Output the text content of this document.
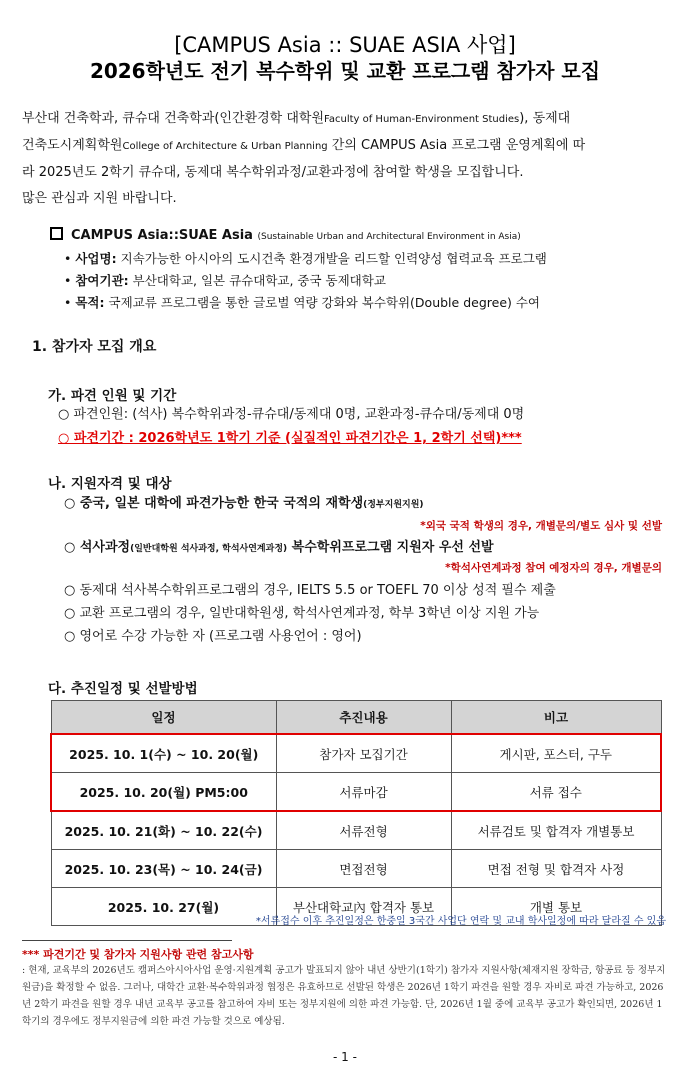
[CAMPUS Asia :: SUAE ASIA 사업]
2026학년도 전기 복수학위 및 교환 프로그램 참가자 모집
부산대 건축학과, 큐슈대 건축학과(인간환경학 대학원Faculty of Human-Environment Studies), 동제대
건축도시계획학원College of Architecture & Urban Planning 간의 CAMPUS Asia 프로그램 운영계획에 따
라 2025년도 2학기 큐슈대, 동제대 복수학위과정/교환과정에 참여할 학생을 모집합니다.
많은 관심과 지원 바랍니다.
CAMPUS Asia::SUAE Asia (Sustainable Urban and Architectural Environment in Asia)
• 사업명: 지속가능한 아시아의 도시건축 환경개발을 리드할 인력양성 협력교육 프로그램
• 참여기관: 부산대학교, 일본 큐슈대학교, 중국 동제대학교
• 목적: 국제교류 프로그램을 통한 글로벌 역량 강화와 복수학위(Double degree) 수여
1. 참가자 모집 개요
가. 파견 인원 및 기간
○ 파견인원: (석사) 복수학위과정-큐슈대/동제대 0명, 교환과정-큐슈대/동제대 0명
○ 파견기간 : 2026학년도 1학기 기준 (실질적인 파견기간은 1, 2학기 선택)***
나. 지원자격 및 대상
○ 중국, 일본 대학에 파견가능한 한국 국적의 재학생(정부지원지원)
*외국 국적 학생의 경우, 개별문의/별도 심사 및 선발
○ 석사과정(일반대학원 석사과정, 학석사연계과정) 복수학위프로그램 지원자 우선 선발
*학석사연계과정 참여 예정자의 경우, 개별문의
○ 동제대 석사복수학위프로그램의 경우, IELTS 5.5 or TOEFL 70 이상 성적 필수 제출
○ 교환 프로그램의 경우, 일반대학원생, 학석사연계과정, 학부 3학년 이상 지원 가능
○ 영어로 수강 가능한 자 (프로그램 사용언어 : 영어)
다. 추진일정 및 선발방법
일정	추진내용	비고
2025. 10. 1(수) ~ 10. 20(월)	참가자 모집기간	게시판, 포스터, 구두
2025. 10. 20(월) PM5:00	서류마감	서류 접수
2025. 10. 21(화) ~ 10. 22(수)	서류전형	서류검토 및 합격자 개별통보
2025. 10. 23(목) ~ 10. 24(금)	면접전형	면접 전형 및 합격자 사정
2025. 10. 27(월)	부산대학교內 합격자 통보	개별 통보
*서류접수 이후 추진일정은 한중일 3국간 사업단 연락 및 교내 학사일정에 따라 달라질 수 있음
*** 파견기간 및 참가자 지원사항 관련 참고사항
: 현재, 교육부의 2026년도 캠퍼스아시아사업 운영·지원계획 공고가 발표되지 않아 내년 상반기(1학기) 참가자 지원사항(체재지원 장학금, 항공료 등 정부지원금)을 확정할 수 없음. 그러나, 대학간 교환·복수학위과정 협정은 유효하므로 선발된 학생은 2026년 1학기 파견을 원할 경우 자비로 파견 가능하고, 2026년 2학기 파견을 원할 경우 내년 교육부 공고를 참고하여 자비 또는 정부지원에 의한 파견 가능함. 단, 2026년 1월 중에 교육부 공고가 확인되면, 2026년 1학기의 경우에도 정부지원금에 의한 파견 가능할 것으로 예상됨.
- 1 -
